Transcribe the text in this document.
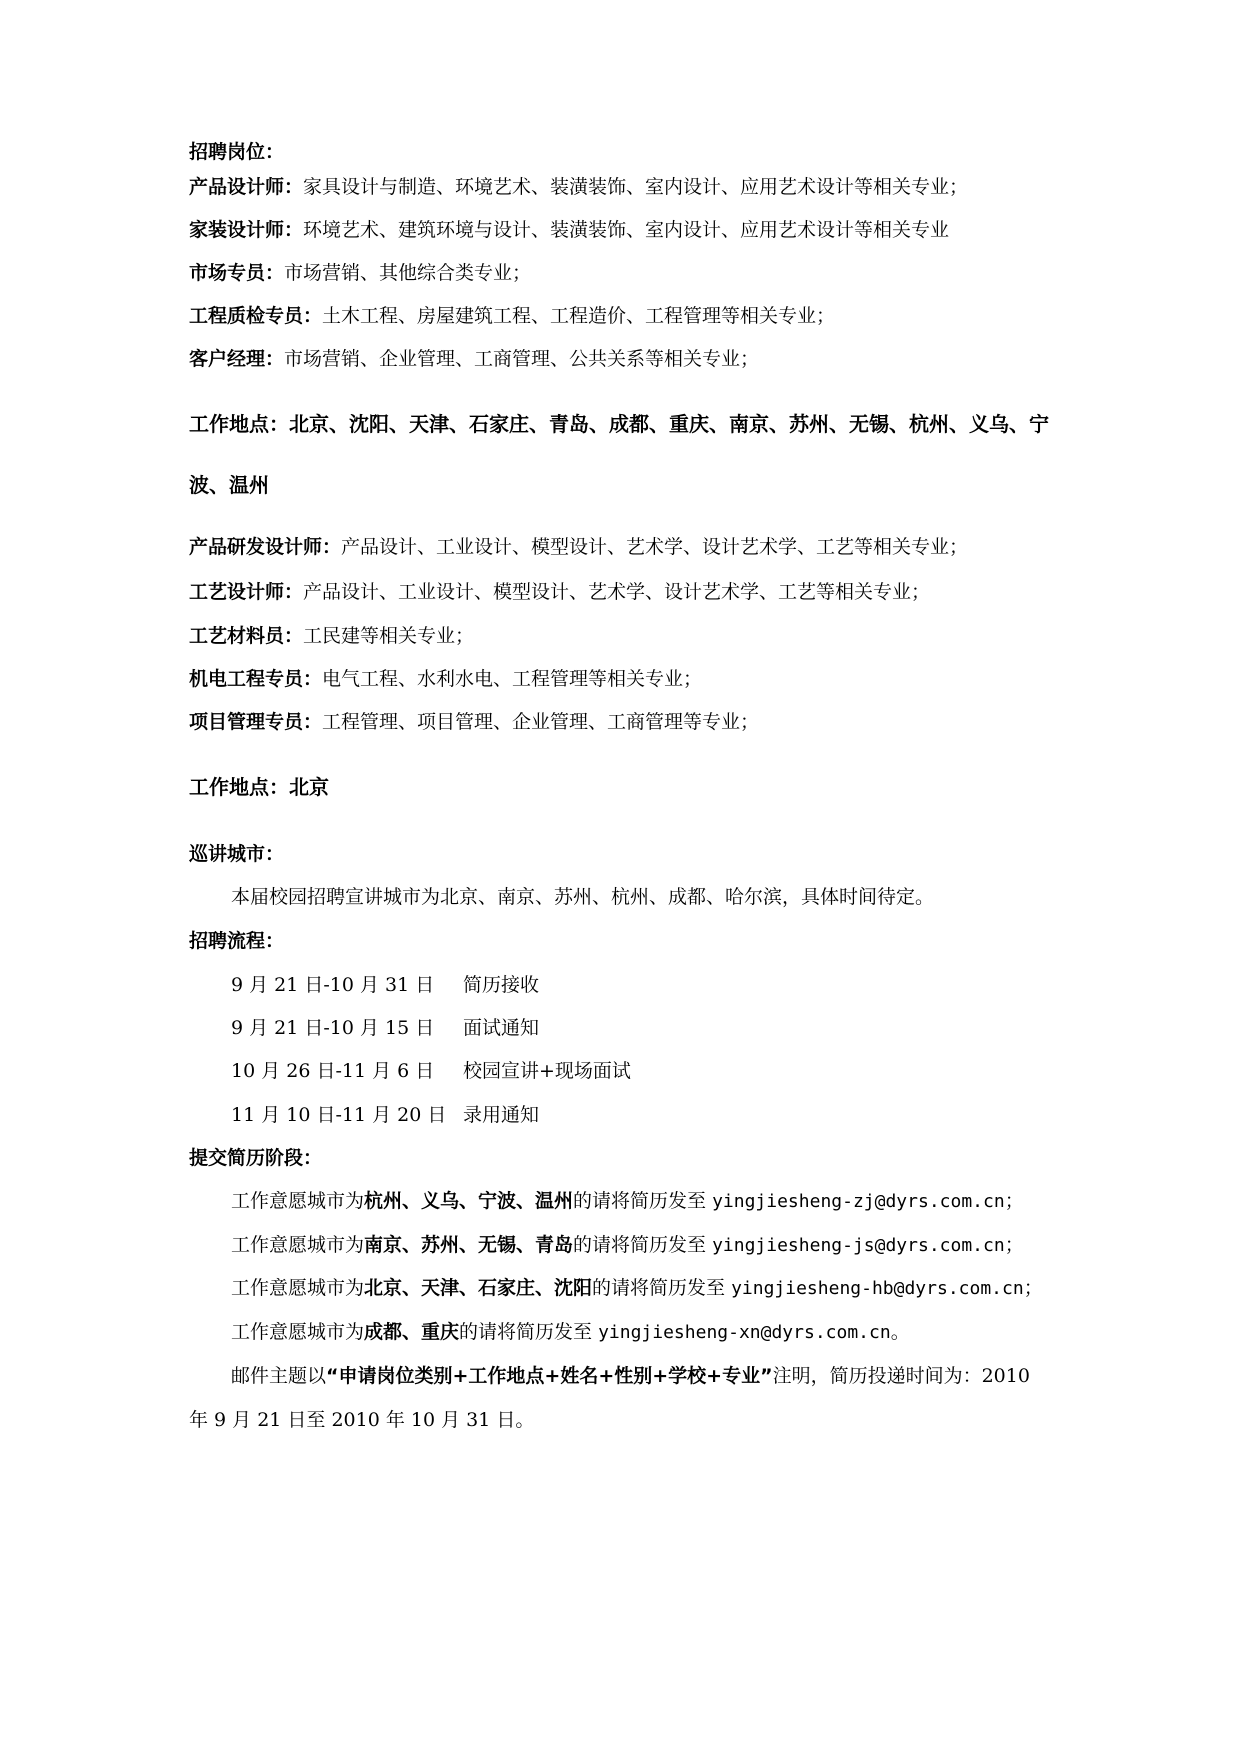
招聘岗位：
产品设计师：家具设计与制造、环境艺术、装潢装饰、室内设计、应用艺术设计等相关专业；
家装设计师：环境艺术、建筑环境与设计、装潢装饰、室内设计、应用艺术设计等相关专业
市场专员：市场营销、其他综合类专业；
工程质检专员：土木工程、房屋建筑工程、工程造价、工程管理等相关专业；
客户经理：市场营销、企业管理、工商管理、公共关系等相关专业；
工作地点：北京、沈阳、天津、石家庄、青岛、成都、重庆、南京、苏州、无锡、杭州、义乌、宁
波、温州
产品研发设计师：产品设计、工业设计、模型设计、艺术学、设计艺术学、工艺等相关专业；
工艺设计师：产品设计、工业设计、模型设计、艺术学、设计艺术学、工艺等相关专业；
工艺材料员：工民建等相关专业；
机电工程专员：电气工程、水利水电、工程管理等相关专业；
项目管理专员：工程管理、项目管理、企业管理、工商管理等专业；
工作地点：北京
巡讲城市：
本届校园招聘宣讲城市为北京、南京、苏州、杭州、成都、哈尔滨，具体时间待定。
招聘流程：
9 月 21 日-10 月 31 日 简历接收
9 月 21 日-10 月 15 日 面试通知
10 月 26 日-11 月 6 日 校园宣讲+现场面试
11 月 10 日-11 月 20 日 录用通知
提交简历阶段：
工作意愿城市为杭州、义乌、宁波、温州的请将简历发至 yingjiesheng-zj@dyrs.com.cn；
工作意愿城市为南京、苏州、无锡、青岛的请将简历发至 yingjiesheng-js@dyrs.com.cn；
工作意愿城市为北京、天津、石家庄、沈阳的请将简历发至 yingjiesheng-hb@dyrs.com.cn；
工作意愿城市为成都、重庆的请将简历发至 yingjiesheng-xn@dyrs.com.cn。
邮件主题以“申请岗位类别+工作地点+姓名+性别+学校+专业”注明，简历投递时间为：2010
年 9 月 21 日至 2010 年 10 月 31 日。
